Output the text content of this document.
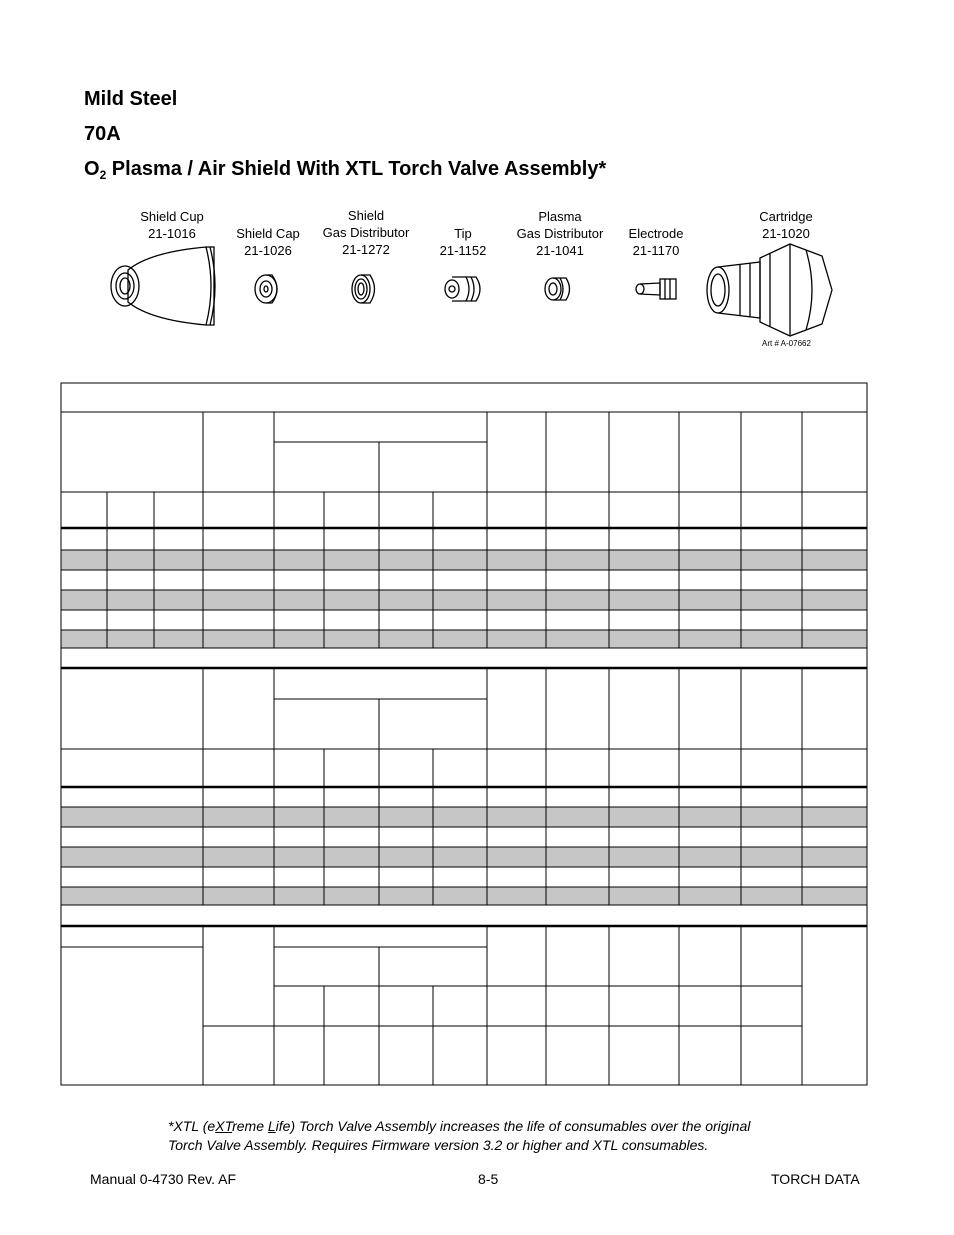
Mild Steel
70A
$O_2$ Plasma / Air Shield With XTL Torch Valve Assembly*
Shield Cup
21-1016	Shield Cap
21-1026
Shield
Gas Distributor
21-1272
Tip
21-1152
Plasma
Gas Distributor
21-1041
Electrode
21-1170
Cartridge
21-1020
Art # A-07662
*XTL (eXTreme Life) Torch Valve Assembly increases the life of consumables over the original
Torch Valve Assembly. Requires Firmware version 3.2 or higher and XTL consumables.
Manual 0-4730 Rev. AF	8-5	TORCH DATA
